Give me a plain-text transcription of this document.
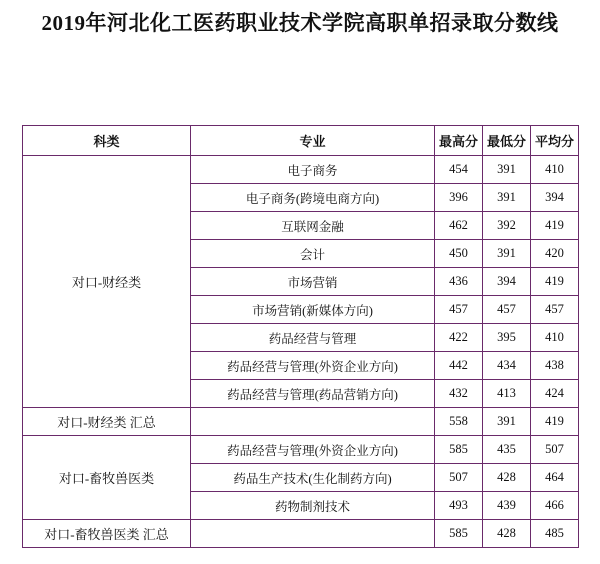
2019年河北化工医药职业技术学院高职单招录取分数线
科类	专业	最高分	最低分	平均分
对口-财经类	电子商务	454	391	410
	电子商务(跨境电商方向)	396	391	394
	互联网金融	462	392	419
	会计	450	391	420
	市场营销	436	394	419
	市场营销(新媒体方向)	457	457	457
	药品经营与管理	422	395	410
	药品经营与管理(外资企业方向)	442	434	438
	药品经营与管理(药品营销方向)	432	413	424
对口-财经类 汇总		558	391	419
对口-畜牧兽医类	药品经营与管理(外资企业方向)	585	435	507
	药品生产技术(生化制药方向)	507	428	464
	药物制剂技术	493	439	466
对口-畜牧兽医类 汇总		585	428	485
